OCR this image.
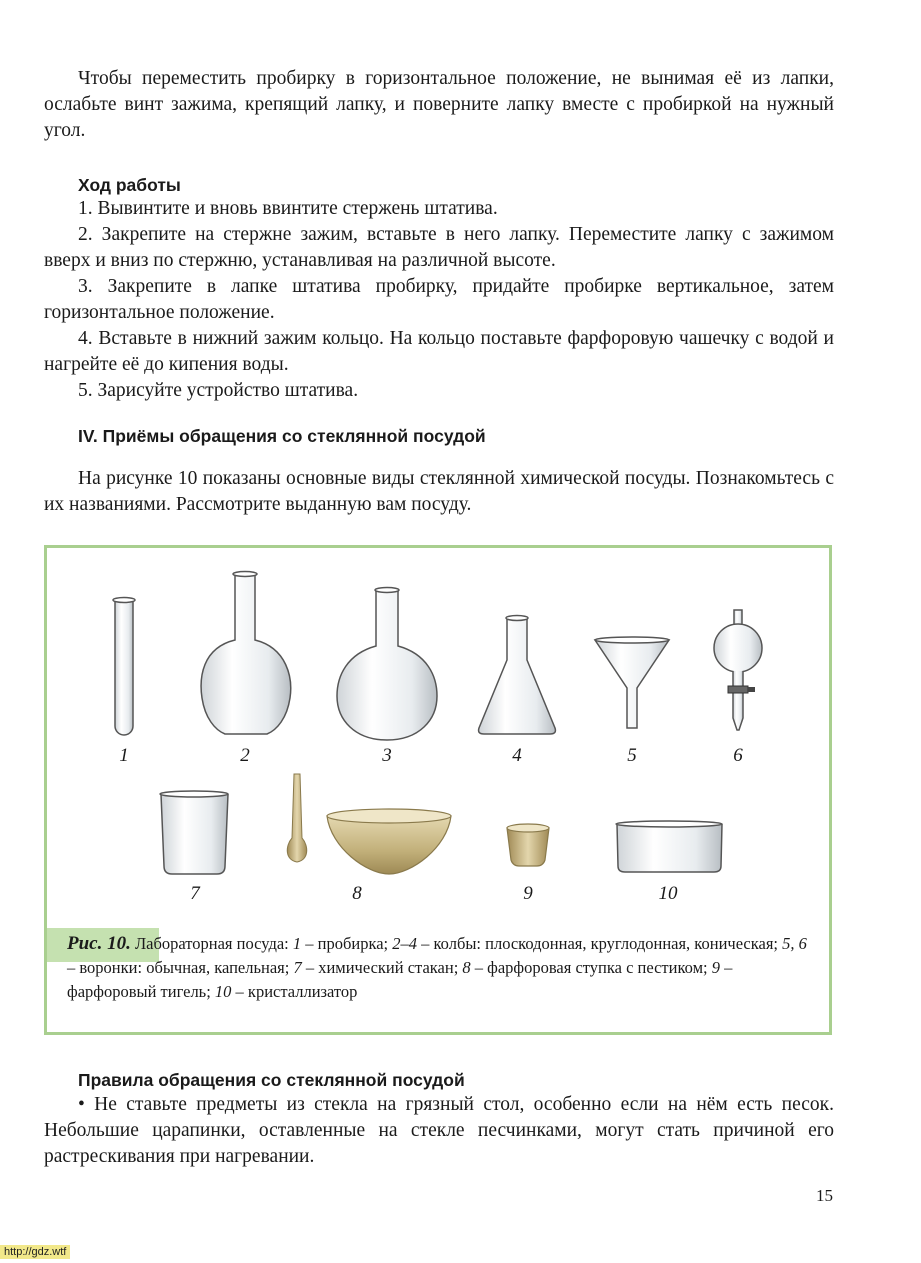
Чтобы переместить пробирку в горизонтальное положение, не вынимая её из лапки, ослабьте винт зажима, крепящий лапку, и поверните лапку вместе с пробиркой на нужный угол.

Ход работы

1. Вывинтите и вновь ввинтите стержень штатива.

2. Закрепите на стержне зажим, вставьте в него лапку. Переместите лапку с зажимом вверх и вниз по стержню, устанавливая на различной высоте.

3. Закрепите в лапке штатива пробирку, придайте пробирке вертикальное, затем горизонтальное положение.

4. Вставьте в нижний зажим кольцо. На кольцо поставьте фарфоровую чашечку с водой и нагрейте её до кипения воды.

5. Зарисуйте устройство штатива.

IV. Приёмы обращения со стеклянной посудой

На рисунке 10 показаны основные виды стеклянной химической посуды. Познакомьтесь с их названиями. Рассмотрите выданную вам посуду.

1	2	3	4	5	6
7	8	9	10
Рис. 10. Лабораторная посуда: 1 – пробирка; 2–4 – колбы: плоскодонная, круглодонная, коническая; 5, 6 – воронки: обычная, капельная; 7 – химический стакан; 8 – фарфоровая ступка с пестиком; 9 – фарфоровый тигель; 10 – кристаллизатор
Правила обращения со стеклянной посудой

• Не ставьте предметы из стекла на грязный стол, особенно если на нём есть песок. Небольшие царапинки, оставленные на стекле песчинками, могут стать причиной его растрескивания при нагревании.

15
http://gdz.wtf
